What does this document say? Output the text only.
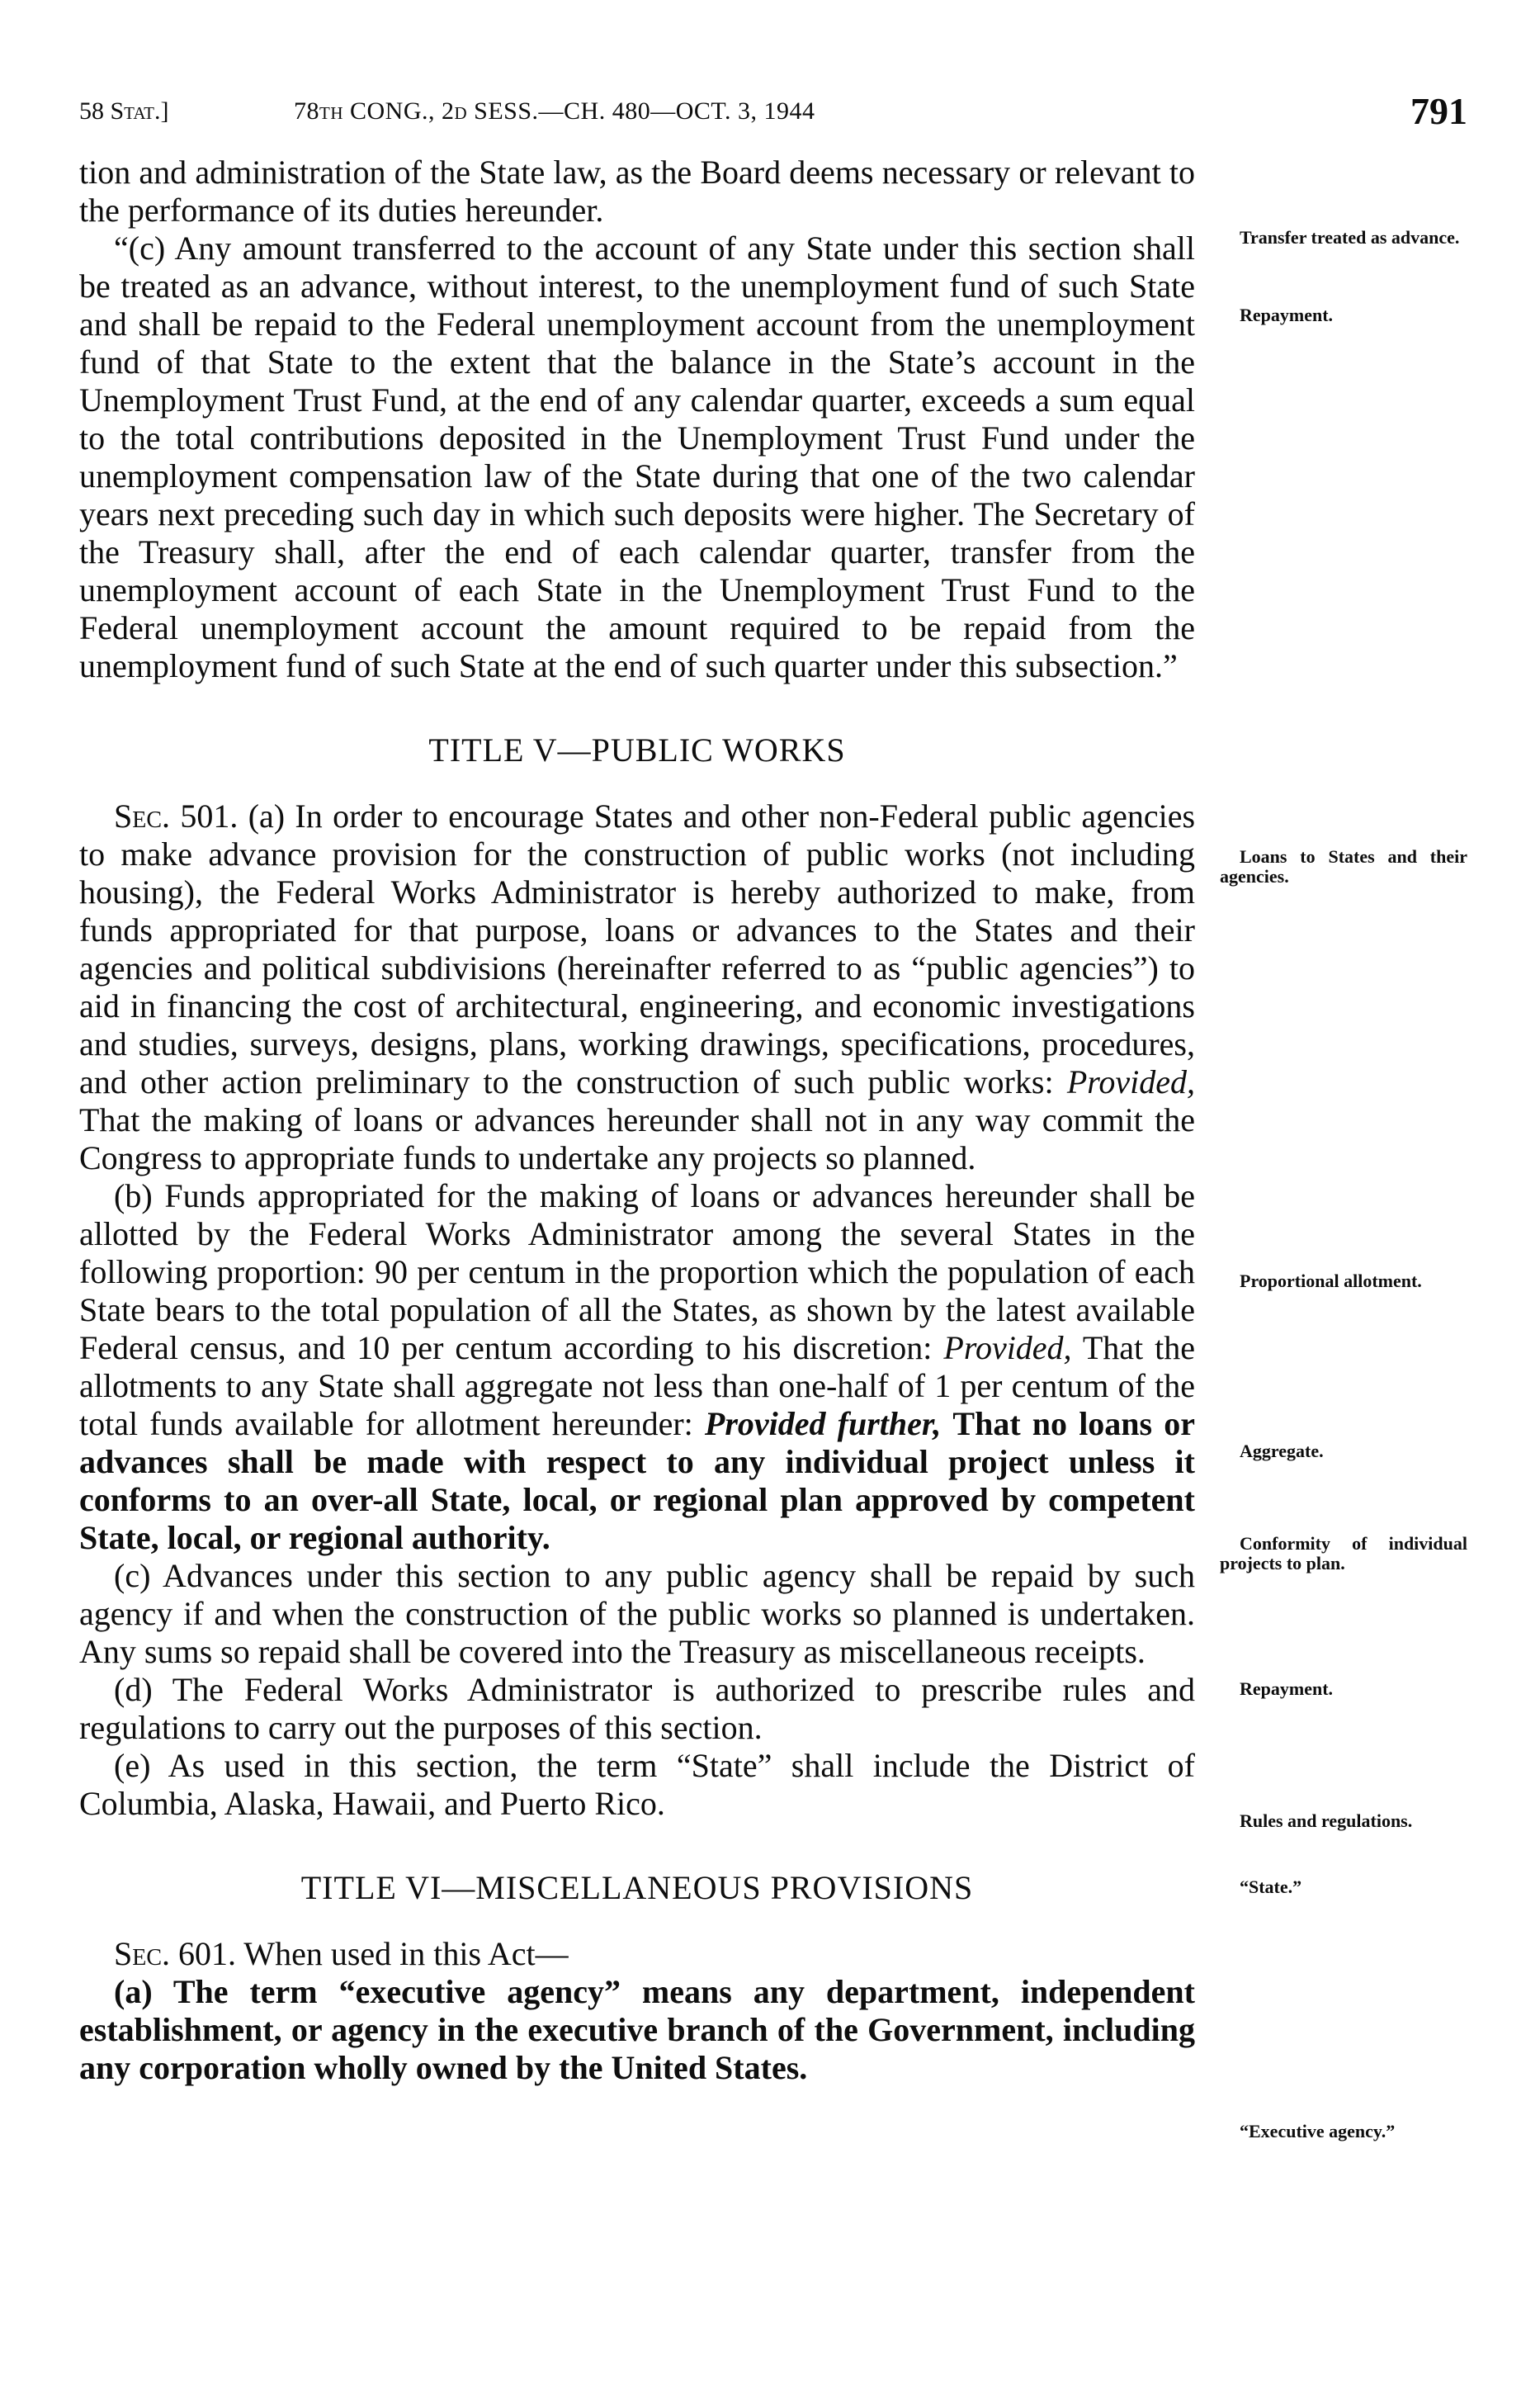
58 Stat.]	78th CONG., 2d SESS.—CH. 480—OCT. 3, 1944	791

tion and administration of the State law, as the Board deems necessary or relevant to the performance of its duties hereunder.

“(c) Any amount transferred to the account of any State under this section shall be treated as an advance, without interest, to the unemployment fund of such State and shall be repaid to the Federal unemployment account from the unemployment fund of that State to the extent that the balance in the State’s account in the Unemployment Trust Fund, at the end of any calendar quarter, exceeds a sum equal to the total contributions deposited in the Unemployment Trust Fund under the unemployment compensation law of the State during that one of the two calendar years next preceding such day in which such deposits were higher. The Secretary of the Treasury shall, after the end of each calendar quarter, transfer from the unemployment account of each State in the Unemployment Trust Fund to the Federal unemployment account the amount required to be repaid from the unemployment fund of such State at the end of such quarter under this subsection.”

TITLE V—PUBLIC WORKS

Sec. 501. (a) In order to encourage States and other non-Federal public agencies to make advance provision for the construction of public works (not including housing), the Federal Works Administrator is hereby authorized to make, from funds appropriated for that purpose, loans or advances to the States and their agencies and political subdivisions (hereinafter referred to as “public agencies”) to aid in financing the cost of architectural, engineering, and economic investigations and studies, surveys, designs, plans, working drawings, specifications, procedures, and other action preliminary to the construction of such public works: Provided, That the making of loans or advances hereunder shall not in any way commit the Congress to appropriate funds to undertake any projects so planned.

(b) Funds appropriated for the making of loans or advances hereunder shall be allotted by the Federal Works Administrator among the several States in the following proportion: 90 per centum in the proportion which the population of each State bears to the total population of all the States, as shown by the latest available Federal census, and 10 per centum according to his discretion: Provided, That the allotments to any State shall aggregate not less than one-half of 1 per centum of the total funds available for allotment hereunder: Provided further, That no loans or advances shall be made with respect to any individual project unless it conforms to an over-all State, local, or regional plan approved by competent State, local, or regional authority.

(c) Advances under this section to any public agency shall be repaid by such agency if and when the construction of the public works so planned is undertaken. Any sums so repaid shall be covered into the Treasury as miscellaneous receipts.

(d) The Federal Works Administrator is authorized to prescribe rules and regulations to carry out the purposes of this section.

(e) As used in this section, the term “State” shall include the District of Columbia, Alaska, Hawaii, and Puerto Rico.

TITLE VI—MISCELLANEOUS PROVISIONS

Sec. 601. When used in this Act—

(a) The term “executive agency” means any department, independent establishment, or agency in the executive branch of the Government, including any corporation wholly owned by the United States.

Transfer treated as advance.
Repayment.
Loans to States and their agencies.
Proportional allotment.
Aggregate.
Conformity of individual projects to plan.
Repayment.
Rules and regulations.
“State.”
“Executive agency.”
